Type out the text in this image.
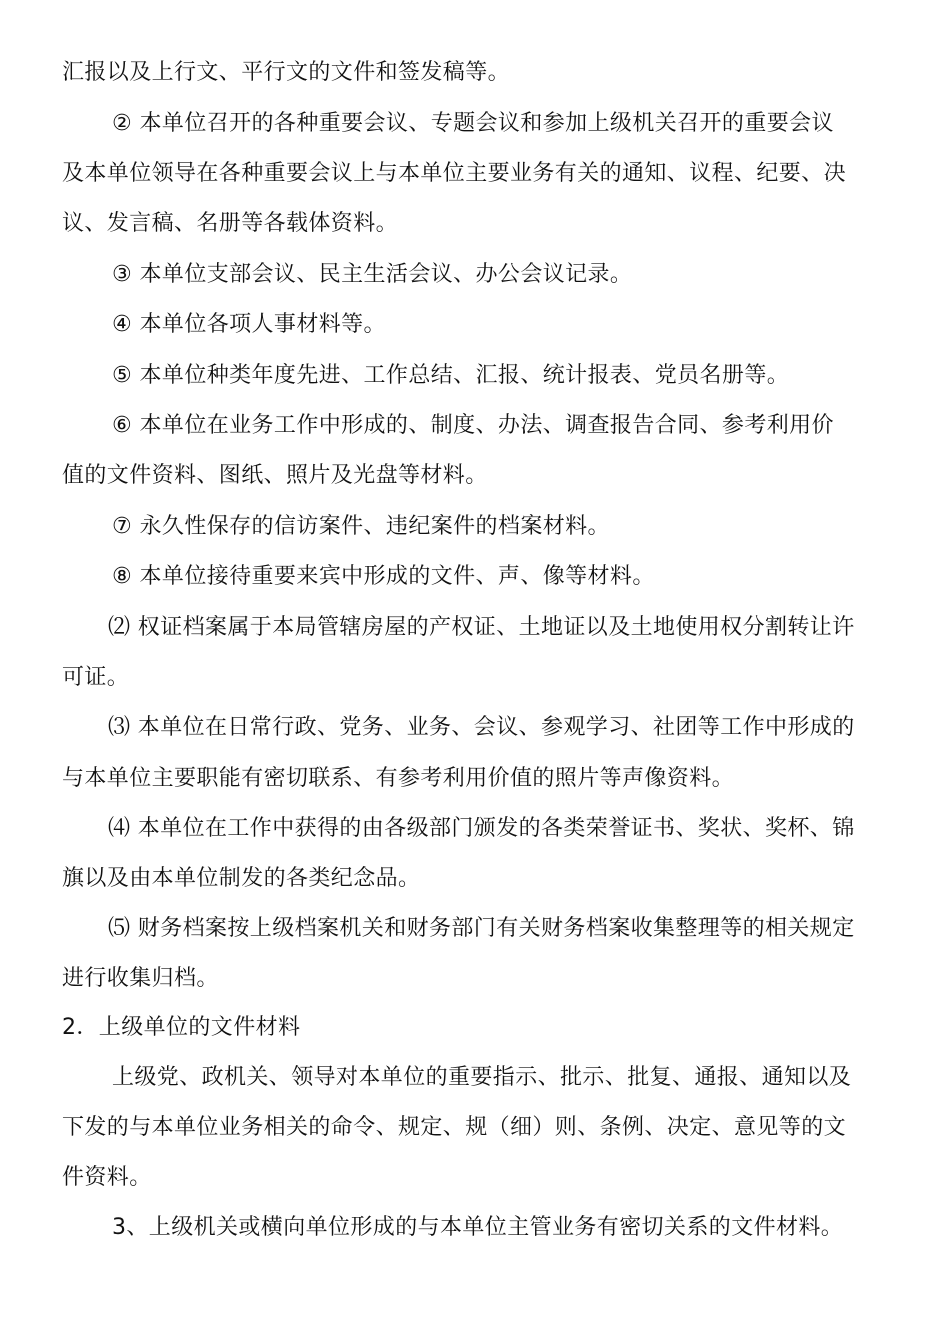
汇报以及上行文、平行文的文件和签发稿等。
② 本单位召开的各种重要会议、专题会议和参加上级机关召开的重要会议
及本单位领导在各种重要会议上与本单位主要业务有关的通知、议程、纪要、决
议、发言稿、名册等各载体资料。
③ 本单位支部会议、民主生活会议、办公会议记录。
④ 本单位各项人事材料等。
⑤ 本单位种类年度先进、工作总结、汇报、统计报表、党员名册等。
⑥ 本单位在业务工作中形成的、制度、办法、调查报告合同、参考利用价
值的文件资料、图纸、照片及光盘等材料。
⑦ 永久性保存的信访案件、违纪案件的档案材料。
⑧ 本单位接待重要来宾中形成的文件、声、像等材料。
⑵ 权证档案属于本局管辖房屋的产权证、土地证以及土地使用权分割转让许
可证。
⑶ 本单位在日常行政、党务、业务、会议、参观学习、社团等工作中形成的
与本单位主要职能有密切联系、有参考利用价值的照片等声像资料。
⑷ 本单位在工作中获得的由各级部门颁发的各类荣誉证书、奖状、奖杯、锦
旗以及由本单位制发的各类纪念品。
⑸ 财务档案按上级档案机关和财务部门有关财务档案收集整理等的相关规定
进行收集归档。
2．上级单位的文件材料
上级党、政机关、领导对本单位的重要指示、批示、批复、通报、通知以及
下发的与本单位业务相关的命令、规定、规（细）则、条例、决定、意见等的文
件资料。
3、上级机关或横向单位形成的与本单位主管业务有密切关系的文件材料。
